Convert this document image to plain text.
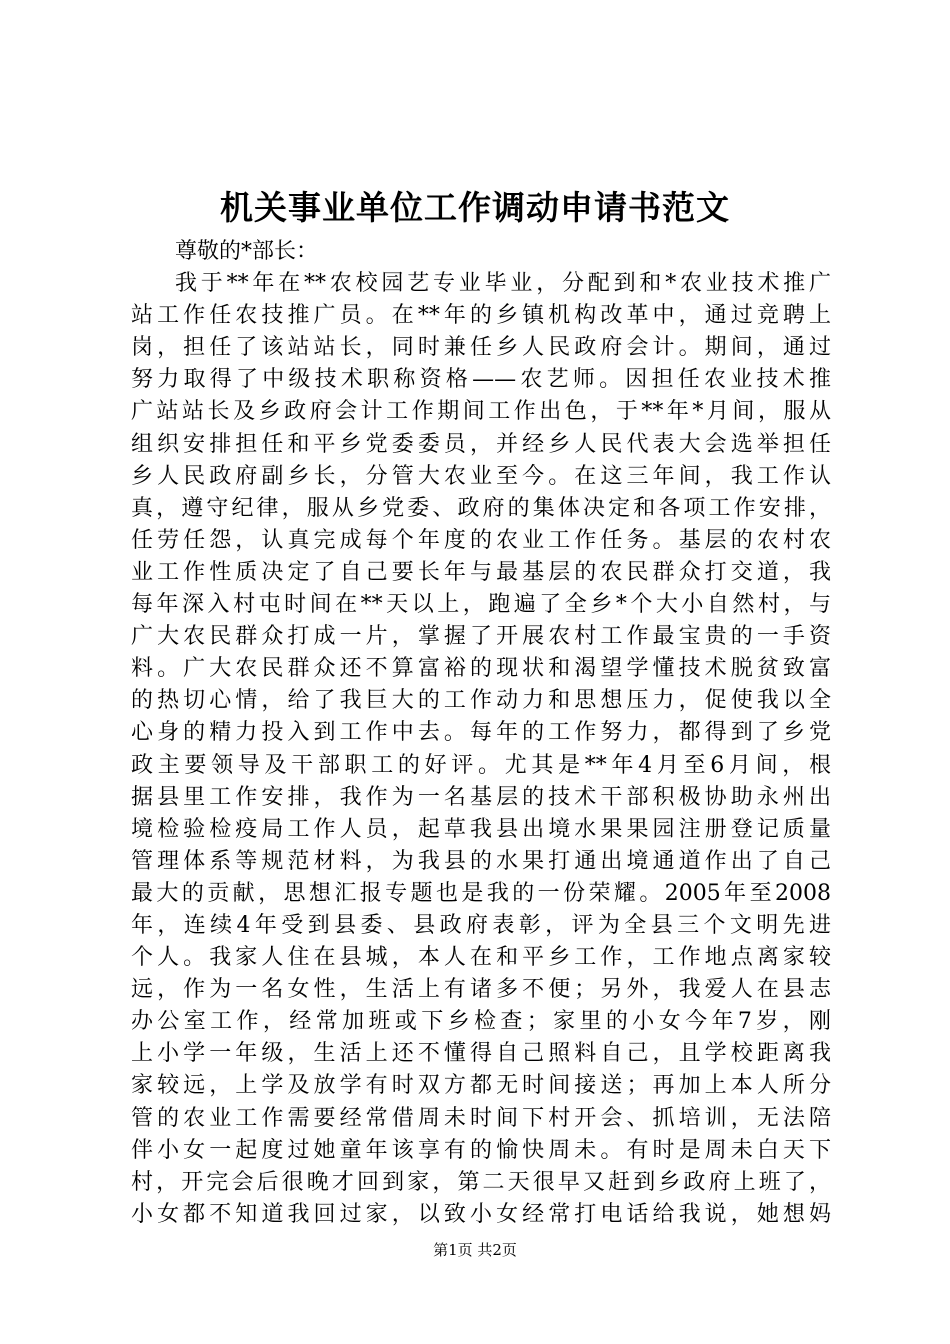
机关事业单位工作调动申请书范文
尊敬的*部长：
我于**年在**农校园艺专业毕业，分配到和*农业技术推广
站工作任农技推广员。在**年的乡镇机构改革中，通过竞聘上
岗，担任了该站站长，同时兼任乡人民政府会计。期间，通过
努力取得了中级技术职称资格——农艺师。因担任农业技术推
广站站长及乡政府会计工作期间工作出色，于**年*月间，服从
组织安排担任和平乡党委委员，并经乡人民代表大会选举担任
乡人民政府副乡长，分管大农业至今。在这三年间，我工作认
真，遵守纪律，服从乡党委、政府的集体决定和各项工作安排，
任劳任怨，认真完成每个年度的农业工作任务。基层的农村农
业工作性质决定了自己要长年与最基层的农民群众打交道，我
每年深入村屯时间在**天以上，跑遍了全乡*个大小自然村，与
广大农民群众打成一片，掌握了开展农村工作最宝贵的一手资
料。广大农民群众还不算富裕的现状和渴望学懂技术脱贫致富
的热切心情，给了我巨大的工作动力和思想压力，促使我以全
心身的精力投入到工作中去。每年的工作努力，都得到了乡党
政主要领导及干部职工的好评。尤其是**年4月至6月间，根
据县里工作安排，我作为一名基层的技术干部积极协助永州出
境检验检疫局工作人员，起草我县出境水果果园注册登记质量
管理体系等规范材料，为我县的水果打通出境通道作出了自己
最大的贡献，思想汇报专题也是我的一份荣耀。2005年至2008
年，连续4年受到县委、县政府表彰，评为全县三个文明先进
个人。我家人住在县城，本人在和平乡工作，工作地点离家较
远，作为一名女性，生活上有诸多不便；另外，我爱人在县志
办公室工作，经常加班或下乡检查；家里的小女今年7岁，刚
上小学一年级，生活上还不懂得自己照料自己，且学校距离我
家较远，上学及放学有时双方都无时间接送；再加上本人所分
管的农业工作需要经常借周未时间下村开会、抓培训，无法陪
伴小女一起度过她童年该享有的愉快周未。有时是周未白天下
村，开完会后很晚才回到家，第二天很早又赶到乡政府上班了，
小女都不知道我回过家，以致小女经常打电话给我说，她想妈
第1页 共2页
